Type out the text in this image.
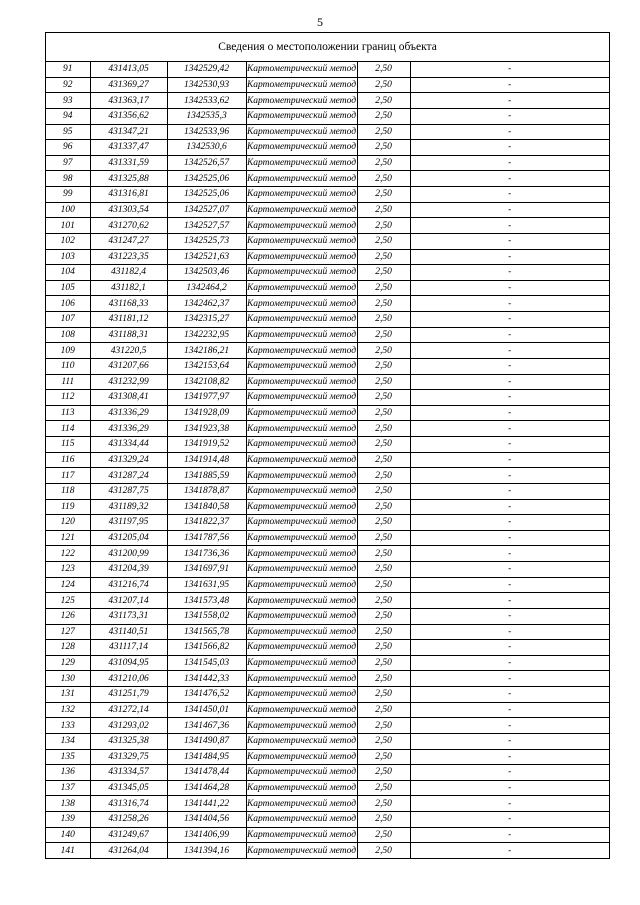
5
Сведения о местоположении границ объекта
91	431413,05	1342529,42	Картометрический метод	2,50	-
92	431369,27	1342530,93	Картометрический метод	2,50	-
93	431363,17	1342533,62	Картометрический метод	2,50	-
94	431356,62	1342535,3	Картометрический метод	2,50	-
95	431347,21	1342533,96	Картометрический метод	2,50	-
96	431337,47	1342530,6	Картометрический метод	2,50	-
97	431331,59	1342526,57	Картометрический метод	2,50	-
98	431325,88	1342525,06	Картометрический метод	2,50	-
99	431316,81	1342525,06	Картометрический метод	2,50	-
100	431303,54	1342527,07	Картометрический метод	2,50	-
101	431270,62	1342527,57	Картометрический метод	2,50	-
102	431247,27	1342525,73	Картометрический метод	2,50	-
103	431223,35	1342521,63	Картометрический метод	2,50	-
104	431182,4	1342503,46	Картометрический метод	2,50	-
105	431182,1	1342464,2	Картометрический метод	2,50	-
106	431168,33	1342462,37	Картометрический метод	2,50	-
107	431181,12	1342315,27	Картометрический метод	2,50	-
108	431188,31	1342232,95	Картометрический метод	2,50	-
109	431220,5	1342186,21	Картометрический метод	2,50	-
110	431207,66	1342153,64	Картометрический метод	2,50	-
111	431232,99	1342108,82	Картометрический метод	2,50	-
112	431308,41	1341977,97	Картометрический метод	2,50	-
113	431336,29	1341928,09	Картометрический метод	2,50	-
114	431336,29	1341923,38	Картометрический метод	2,50	-
115	431334,44	1341919,52	Картометрический метод	2,50	-
116	431329,24	1341914,48	Картометрический метод	2,50	-
117	431287,24	1341885,59	Картометрический метод	2,50	-
118	431287,75	1341878,87	Картометрический метод	2,50	-
119	431189,32	1341840,58	Картометрический метод	2,50	-
120	431197,95	1341822,37	Картометрический метод	2,50	-
121	431205,04	1341787,56	Картометрический метод	2,50	-
122	431200,99	1341736,36	Картометрический метод	2,50	-
123	431204,39	1341697,91	Картометрический метод	2,50	-
124	431216,74	1341631,95	Картометрический метод	2,50	-
125	431207,14	1341573,48	Картометрический метод	2,50	-
126	431173,31	1341558,02	Картометрический метод	2,50	-
127	431140,51	1341565,78	Картометрический метод	2,50	-
128	431117,14	1341566,82	Картометрический метод	2,50	-
129	431094,95	1341545,03	Картометрический метод	2,50	-
130	431210,06	1341442,33	Картометрический метод	2,50	-
131	431251,79	1341476,52	Картометрический метод	2,50	-
132	431272,14	1341450,01	Картометрический метод	2,50	-
133	431293,02	1341467,36	Картометрический метод	2,50	-
134	431325,38	1341490,87	Картометрический метод	2,50	-
135	431329,75	1341484,95	Картометрический метод	2,50	-
136	431334,57	1341478,44	Картометрический метод	2,50	-
137	431345,05	1341464,28	Картометрический метод	2,50	-
138	431316,74	1341441,22	Картометрический метод	2,50	-
139	431258,26	1341404,56	Картометрический метод	2,50	-
140	431249,67	1341406,99	Картометрический метод	2,50	-
141	431264,04	1341394,16	Картометрический метод	2,50	-
